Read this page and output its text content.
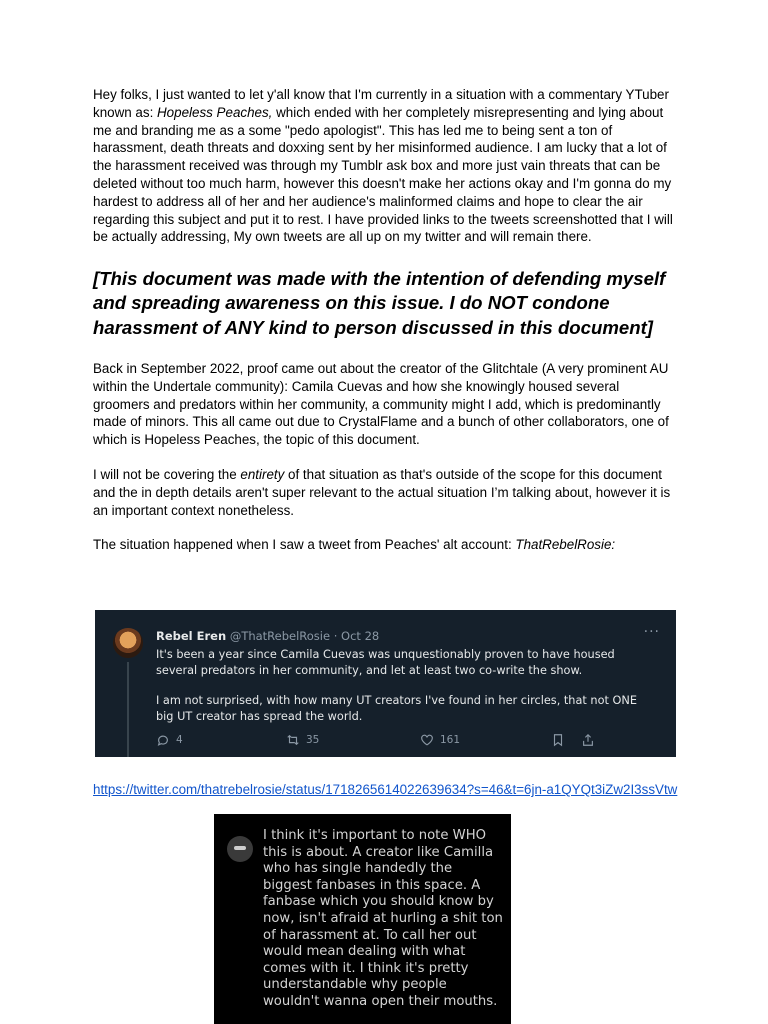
Hey folks, I just wanted to let y'all know that I'm currently in a situation with a commentary YTuber known as: Hopeless Peaches, which ended with her completely misrepresenting and lying about me and branding me as a some "pedo apologist". This has led me to being sent a ton of harassment, death threats and doxxing sent by her misinformed audience. I am lucky that a lot of the harassment received was through my Tumblr ask box and more just vain threats that can be deleted without too much harm, however this doesn't make her actions okay and I'm gonna do my hardest to address all of her and her audience's malinformed claims and hope to clear the air regarding this subject and put it to rest. I have provided links to the tweets screenshotted that I will be actually addressing, My own tweets are all up on my twitter and will remain there.

[This document was made with the intention of defending myself and spreading awareness on this issue. I do NOT condone harassment of ANY kind to person discussed in this document]

Back in September 2022, proof came out about the creator of the Glitchtale (A very prominent AU within the Undertale community): Camila Cuevas and how she knowingly housed several groomers and predators within her community, a community might I add, which is predominantly made of minors. This all came out due to CrystalFlame and a bunch of other collaborators, one of which is Hopeless Peaches, the topic of this document.

I will not be covering the entirety of that situation as that's outside of the scope for this document and the in depth details aren't super relevant to the actual situation I’m talking about, however it is an important context nonetheless.

The situation happened when I saw a tweet from Peaches' alt account: ThatRebelRosie:

Rebel Eren @ThatRebelRosie · Oct 28	···

It's been a year since Camila Cuevas was unquestionably proven to have housed several predators in her community, and let at least two co-write the show.

I am not surprised, with how many UT creators I've found in her circles, that not ONE big UT creator has spread the world.

4	35	161

https://twitter.com/thatrebelrosie/status/1718265614022639634?s=46&t=6jn-a1QYQt3iZw2I3ssVtw

I think it's important to note WHO this is about. A creator like Camilla who has single handedly the biggest fanbases in this space. A fanbase which you should know by now, isn't afraid at hurling a shit ton of harassment at. To call her out would mean dealing with what comes with it. I think it's pretty understandable why people wouldn't wanna open their mouths.
